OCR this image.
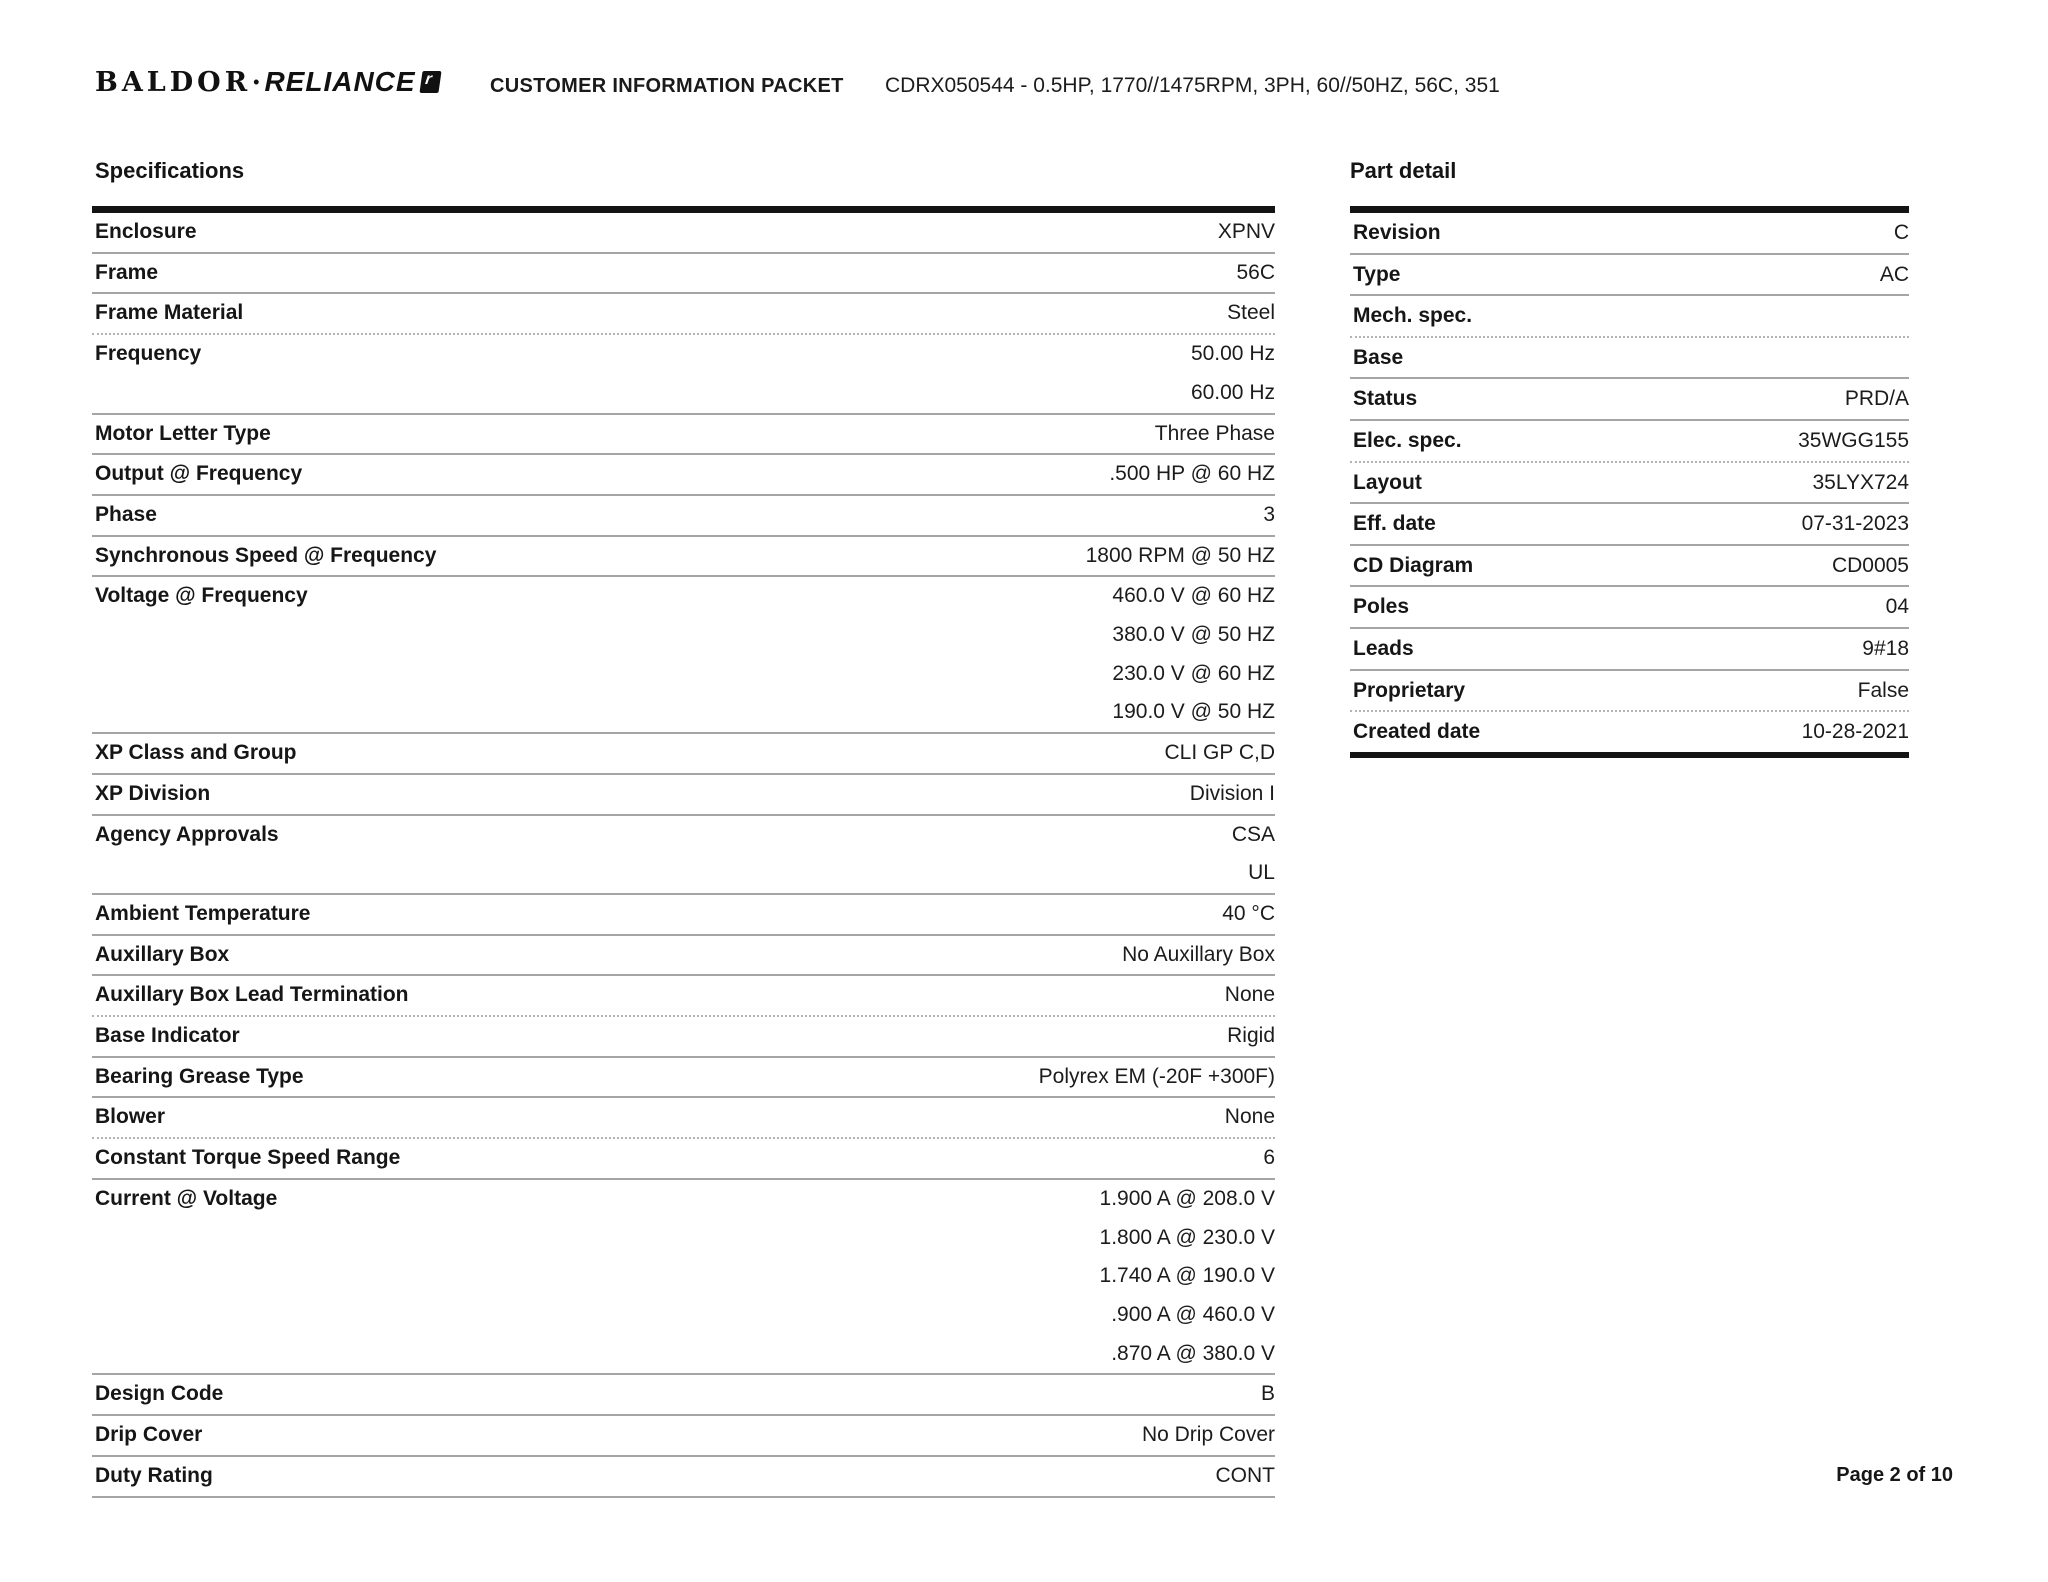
BALDOR • RELIANCE r	CUSTOMER INFORMATION PACKET CDRX050544 - 0.5HP, 1770//1475RPM, 3PH, 60//50HZ, 56C, 351
Specifications	Part detail
Enclosure	XPNV
Frame	56C
Frame Material	Steel
Frequency	50.00 Hz
60.00 Hz
Motor Letter Type	Three Phase
Output @ Frequency	.500 HP @ 60 HZ
Phase	3
Synchronous Speed @ Frequency	1800 RPM @ 50 HZ
Voltage @ Frequency	460.0 V @ 60 HZ
380.0 V @ 50 HZ
230.0 V @ 60 HZ
190.0 V @ 50 HZ
XP Class and Group	CLI GP C,D
XP Division	Division I
Agency Approvals	CSA
UL
Ambient Temperature	40 °C
Auxillary Box	No Auxillary Box
Auxillary Box Lead Termination	None
Base Indicator	Rigid
Bearing Grease Type	Polyrex EM (-20F +300F)
Blower	None
Constant Torque Speed Range	6
Current @ Voltage	1.900 A @ 208.0 V
1.800 A @ 230.0 V
1.740 A @ 190.0 V
.900 A @ 460.0 V
.870 A @ 380.0 V
Design Code	B
Drip Cover	No Drip Cover
Duty Rating	CONT
Revision	C
Type	AC
Mech. spec.
Base
Status	PRD/A
Elec. spec.	35WGG155
Layout	35LYX724
Eff. date	07-31-2023
CD Diagram	CD0005
Poles	04
Leads	9#18
Proprietary	False
Created date	10-28-2021
Page 2 of 10
